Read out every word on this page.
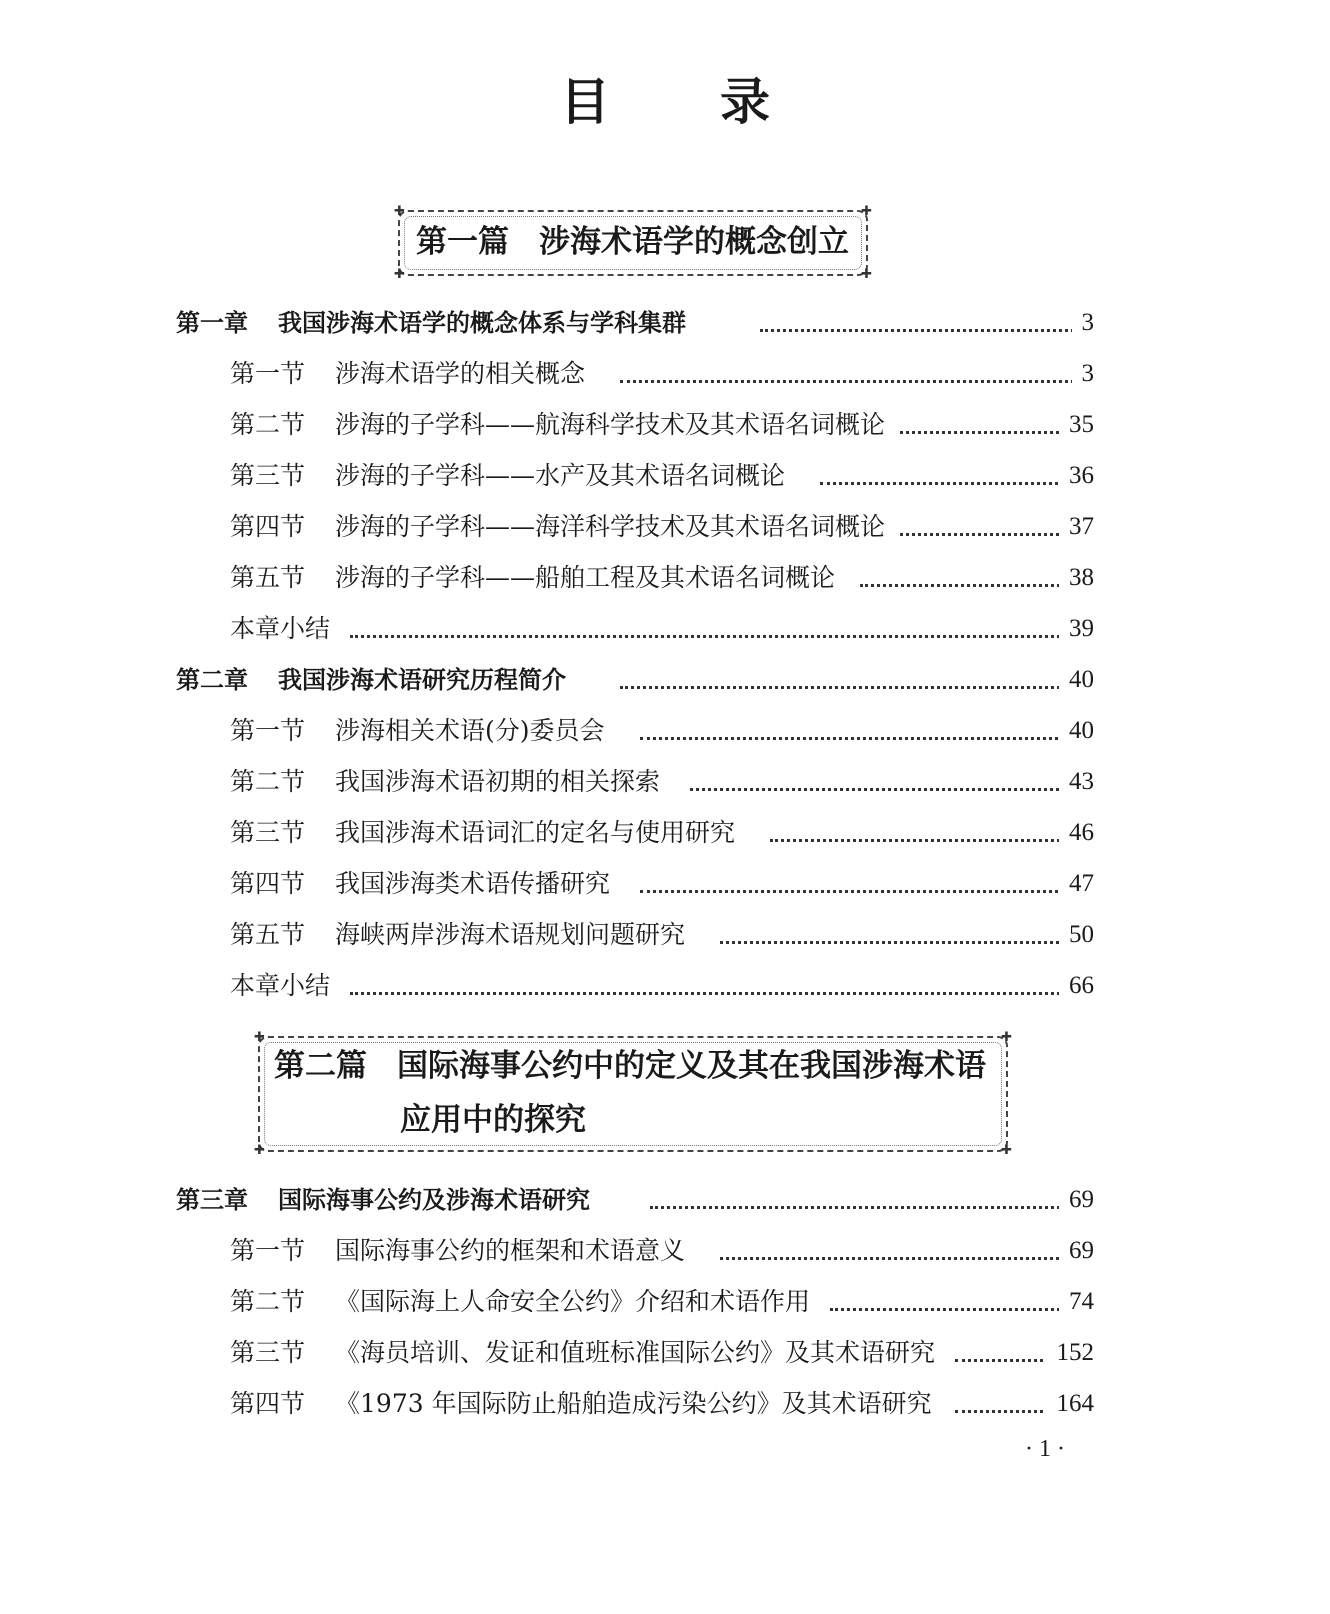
目 录
✚	✚
✚	✚
第一篇 涉海术语学的概念创立
✚	✚
✚	✚
第二篇 国际海事公约中的定义及其在我国涉海术语
应用中的探究
第一章 我国涉海术语学的概念体系与学科集群	3
第一节 涉海术语学的相关概念	3
第二节 涉海的子学科——航海科学技术及其术语名词概论	35
第三节 涉海的子学科——水产及其术语名词概论	36
第四节 涉海的子学科——海洋科学技术及其术语名词概论	37
第五节 涉海的子学科——船舶工程及其术语名词概论	38
本章小结	39
第二章 我国涉海术语研究历程简介	40
第一节 涉海相关术语(分)委员会	40
第二节 我国涉海术语初期的相关探索	43
第三节 我国涉海术语词汇的定名与使用研究	46
第四节 我国涉海类术语传播研究	47
第五节 海峡两岸涉海术语规划问题研究	50
本章小结	66
第三章 国际海事公约及涉海术语研究	69
第一节 国际海事公约的框架和术语意义	69
第二节 《国际海上人命安全公约》介绍和术语作用	74
第三节 《海员培训、发证和值班标准国际公约》及其术语研究	152
第四节 《1973 年国际防止船舶造成污染公约》及其术语研究	164
· 1 ·
